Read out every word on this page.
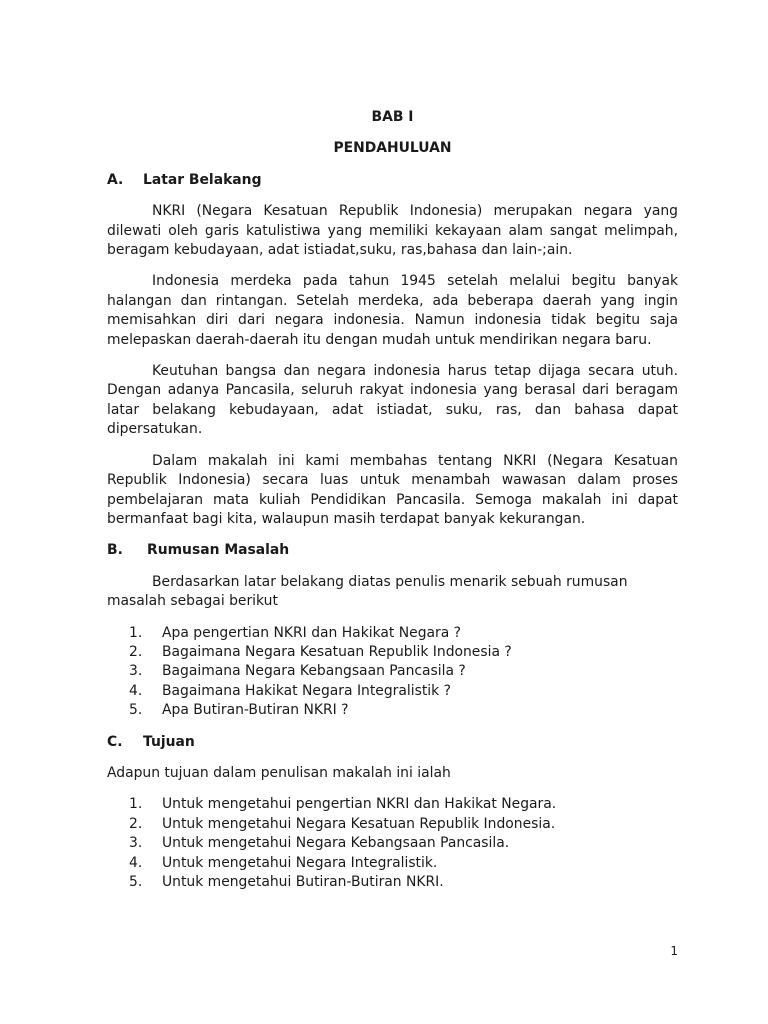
BAB I

PENDAHULUAN

A.	Latar Belakang

NKRI (Negara Kesatuan Republik Indonesia) merupakan negara yang dilewati oleh garis katulistiwa yang memiliki kekayaan alam sangat melimpah, beragam kebudayaan, adat istiadat,suku, ras,bahasa dan lain-;ain.

Indonesia merdeka pada tahun 1945 setelah melalui begitu banyak halangan dan rintangan. Setelah merdeka, ada beberapa daerah yang ingin memisahkan diri dari negara indonesia. Namun indonesia tidak begitu saja melepaskan daerah-daerah itu dengan mudah untuk mendirikan negara baru.

Keutuhan bangsa dan negara indonesia harus tetap dijaga secara utuh. Dengan adanya Pancasila, seluruh rakyat indonesia yang berasal dari beragam latar belakang kebudayaan, adat istiadat, suku, ras, dan bahasa dapat dipersatukan.

Dalam makalah ini kami membahas tentang NKRI (Negara Kesatuan Republik Indonesia) secara luas untuk menambah wawasan dalam proses pembelajaran mata kuliah Pendidikan Pancasila. Semoga makalah ini dapat bermanfaat bagi kita, walaupun masih terdapat banyak kekurangan.

B.	Rumusan Masalah

Berdasarkan latar belakang diatas penulis menarik sebuah rumusan masalah sebagai berikut

1.	Apa pengertian NKRI dan Hakikat Negara ?
2.	Bagaimana Negara Kesatuan Republik Indonesia ?
3.	Bagaimana Negara Kebangsaan Pancasila ?
4.	Bagaimana Hakikat Negara Integralistik ?
5.	Apa Butiran-Butiran NKRI ?
C.	Tujuan

Adapun tujuan dalam penulisan makalah ini ialah

1.	Untuk mengetahui pengertian NKRI dan Hakikat Negara.
2.	Untuk mengetahui Negara Kesatuan Republik Indonesia.
3.	Untuk mengetahui Negara Kebangsaan Pancasila.
4.	Untuk mengetahui Negara Integralistik.
5.	Untuk mengetahui Butiran-Butiran NKRI.
1
